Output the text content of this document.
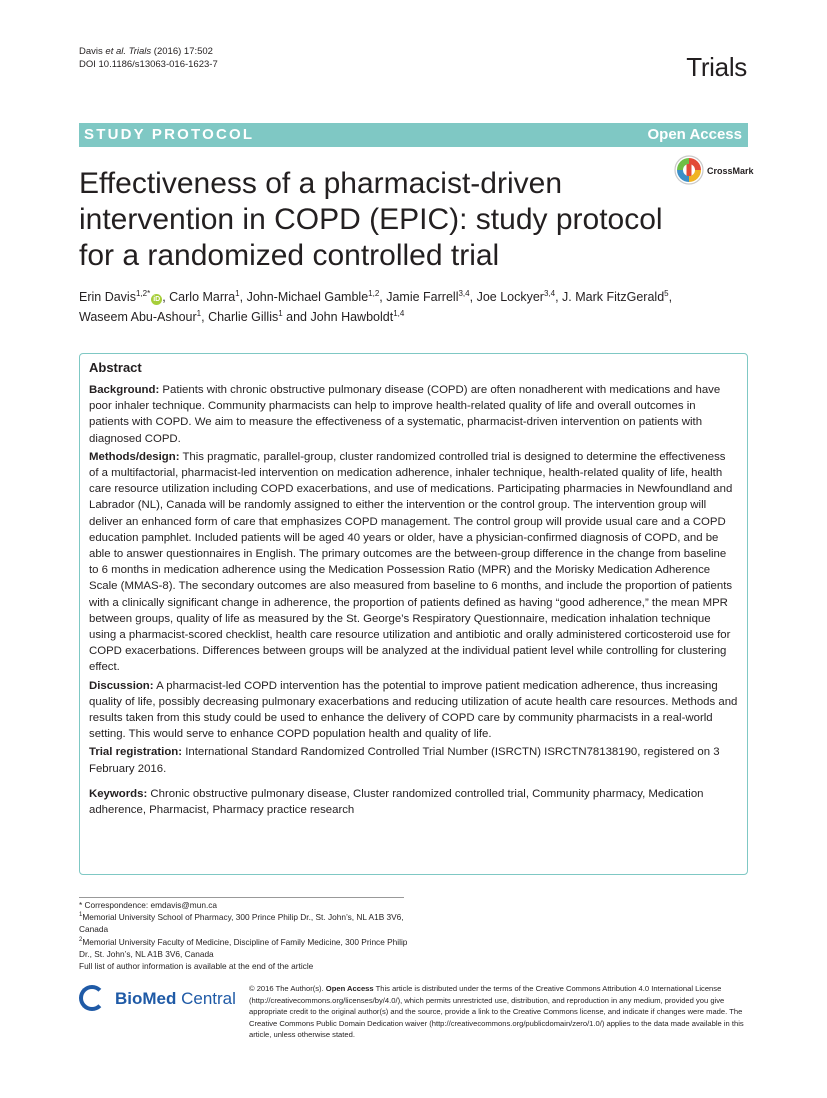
Davis et al. Trials (2016) 17:502
DOI 10.1186/s13063-016-1623-7	Trials
STUDY PROTOCOL	Open Access
Effectiveness of a pharmacist-driven intervention in COPD (EPIC): study protocol for a randomized controlled trial
CrossMark
Erin Davis$^{1,2*}$iD , Carlo Marra$^1$, John-Michael Gamble$^{1,2}$, Jamie Farrell$^{3,4}$, Joe Lockyer$^{3,4}$, J. Mark FitzGerald$^5$,
Waseem Abu-Ashour$^1$, Charlie Gillis$^1$ and John Hawboldt$^{1,4}$
Abstract

Background: Patients with chronic obstructive pulmonary disease (COPD) are often nonadherent with medications and have poor inhaler technique. Community pharmacists can help to improve health-related quality of life and overall outcomes in patients with COPD. We aim to measure the effectiveness of a systematic, pharmacist-driven intervention on patients with diagnosed COPD.

Methods/design: This pragmatic, parallel-group, cluster randomized controlled trial is designed to determine the effectiveness of a multifactorial, pharmacist-led intervention on medication adherence, inhaler technique, health-related quality of life, health care resource utilization including COPD exacerbations, and use of medications. Participating pharmacies in Newfoundland and Labrador (NL), Canada will be randomly assigned to either the intervention or the control group. The intervention group will deliver an enhanced form of care that emphasizes COPD management. The control group will provide usual care and a COPD education pamphlet. Included patients will be aged 40 years or older, have a physician-confirmed diagnosis of COPD, and be able to answer questionnaires in English. The primary outcomes are the between-group difference in the change from baseline to 6 months in medication adherence using the Medication Possession Ratio (MPR) and the Morisky Medication Adherence Scale (MMAS-8). The secondary outcomes are also measured from baseline to 6 months, and include the proportion of patients with a clinically significant change in adherence, the proportion of patients defined as having “good adherence,” the mean MPR between groups, quality of life as measured by the St. George’s Respiratory Questionnaire, medication inhalation technique using a pharmacist-scored checklist, health care resource utilization and antibiotic and orally administered corticosteroid use for COPD exacerbations. Differences between groups will be analyzed at the individual patient level while controlling for clustering effect.

Discussion: A pharmacist-led COPD intervention has the potential to improve patient medication adherence, thus increasing quality of life, possibly decreasing pulmonary exacerbations and reducing utilization of acute health care resources. Methods and results taken from this study could be used to enhance the delivery of COPD care by community pharmacists in a real-world setting. This would serve to enhance COPD population health and quality of life.

Trial registration: International Standard Randomized Controlled Trial Number (ISRCTN) ISRCTN78138190, registered on 3 February 2016.

Keywords: Chronic obstructive pulmonary disease, Cluster randomized controlled trial, Community pharmacy, Medication adherence, Pharmacist, Pharmacy practice research

* Correspondence: emdavis@mun.ca
$^1$Memorial University School of Pharmacy, 300 Prince Philip Dr., St. John’s, NL A1B 3V6, Canada
$^2$Memorial University Faculty of Medicine, Discipline of Family Medicine, 300 Prince Philip Dr., St. John’s, NL A1B 3V6, Canada
Full list of author information is available at the end of the article
BioMed Central
© 2016 The Author(s). Open Access This article is distributed under the terms of the Creative Commons Attribution 4.0 International License (http://creativecommons.org/licenses/by/4.0/), which permits unrestricted use, distribution, and reproduction in any medium, provided you give appropriate credit to the original author(s) and the source, provide a link to the Creative Commons license, and indicate if changes were made. The Creative Commons Public Domain Dedication waiver (http://creativecommons.org/publicdomain/zero/1.0/) applies to the data made available in this article, unless otherwise stated.
